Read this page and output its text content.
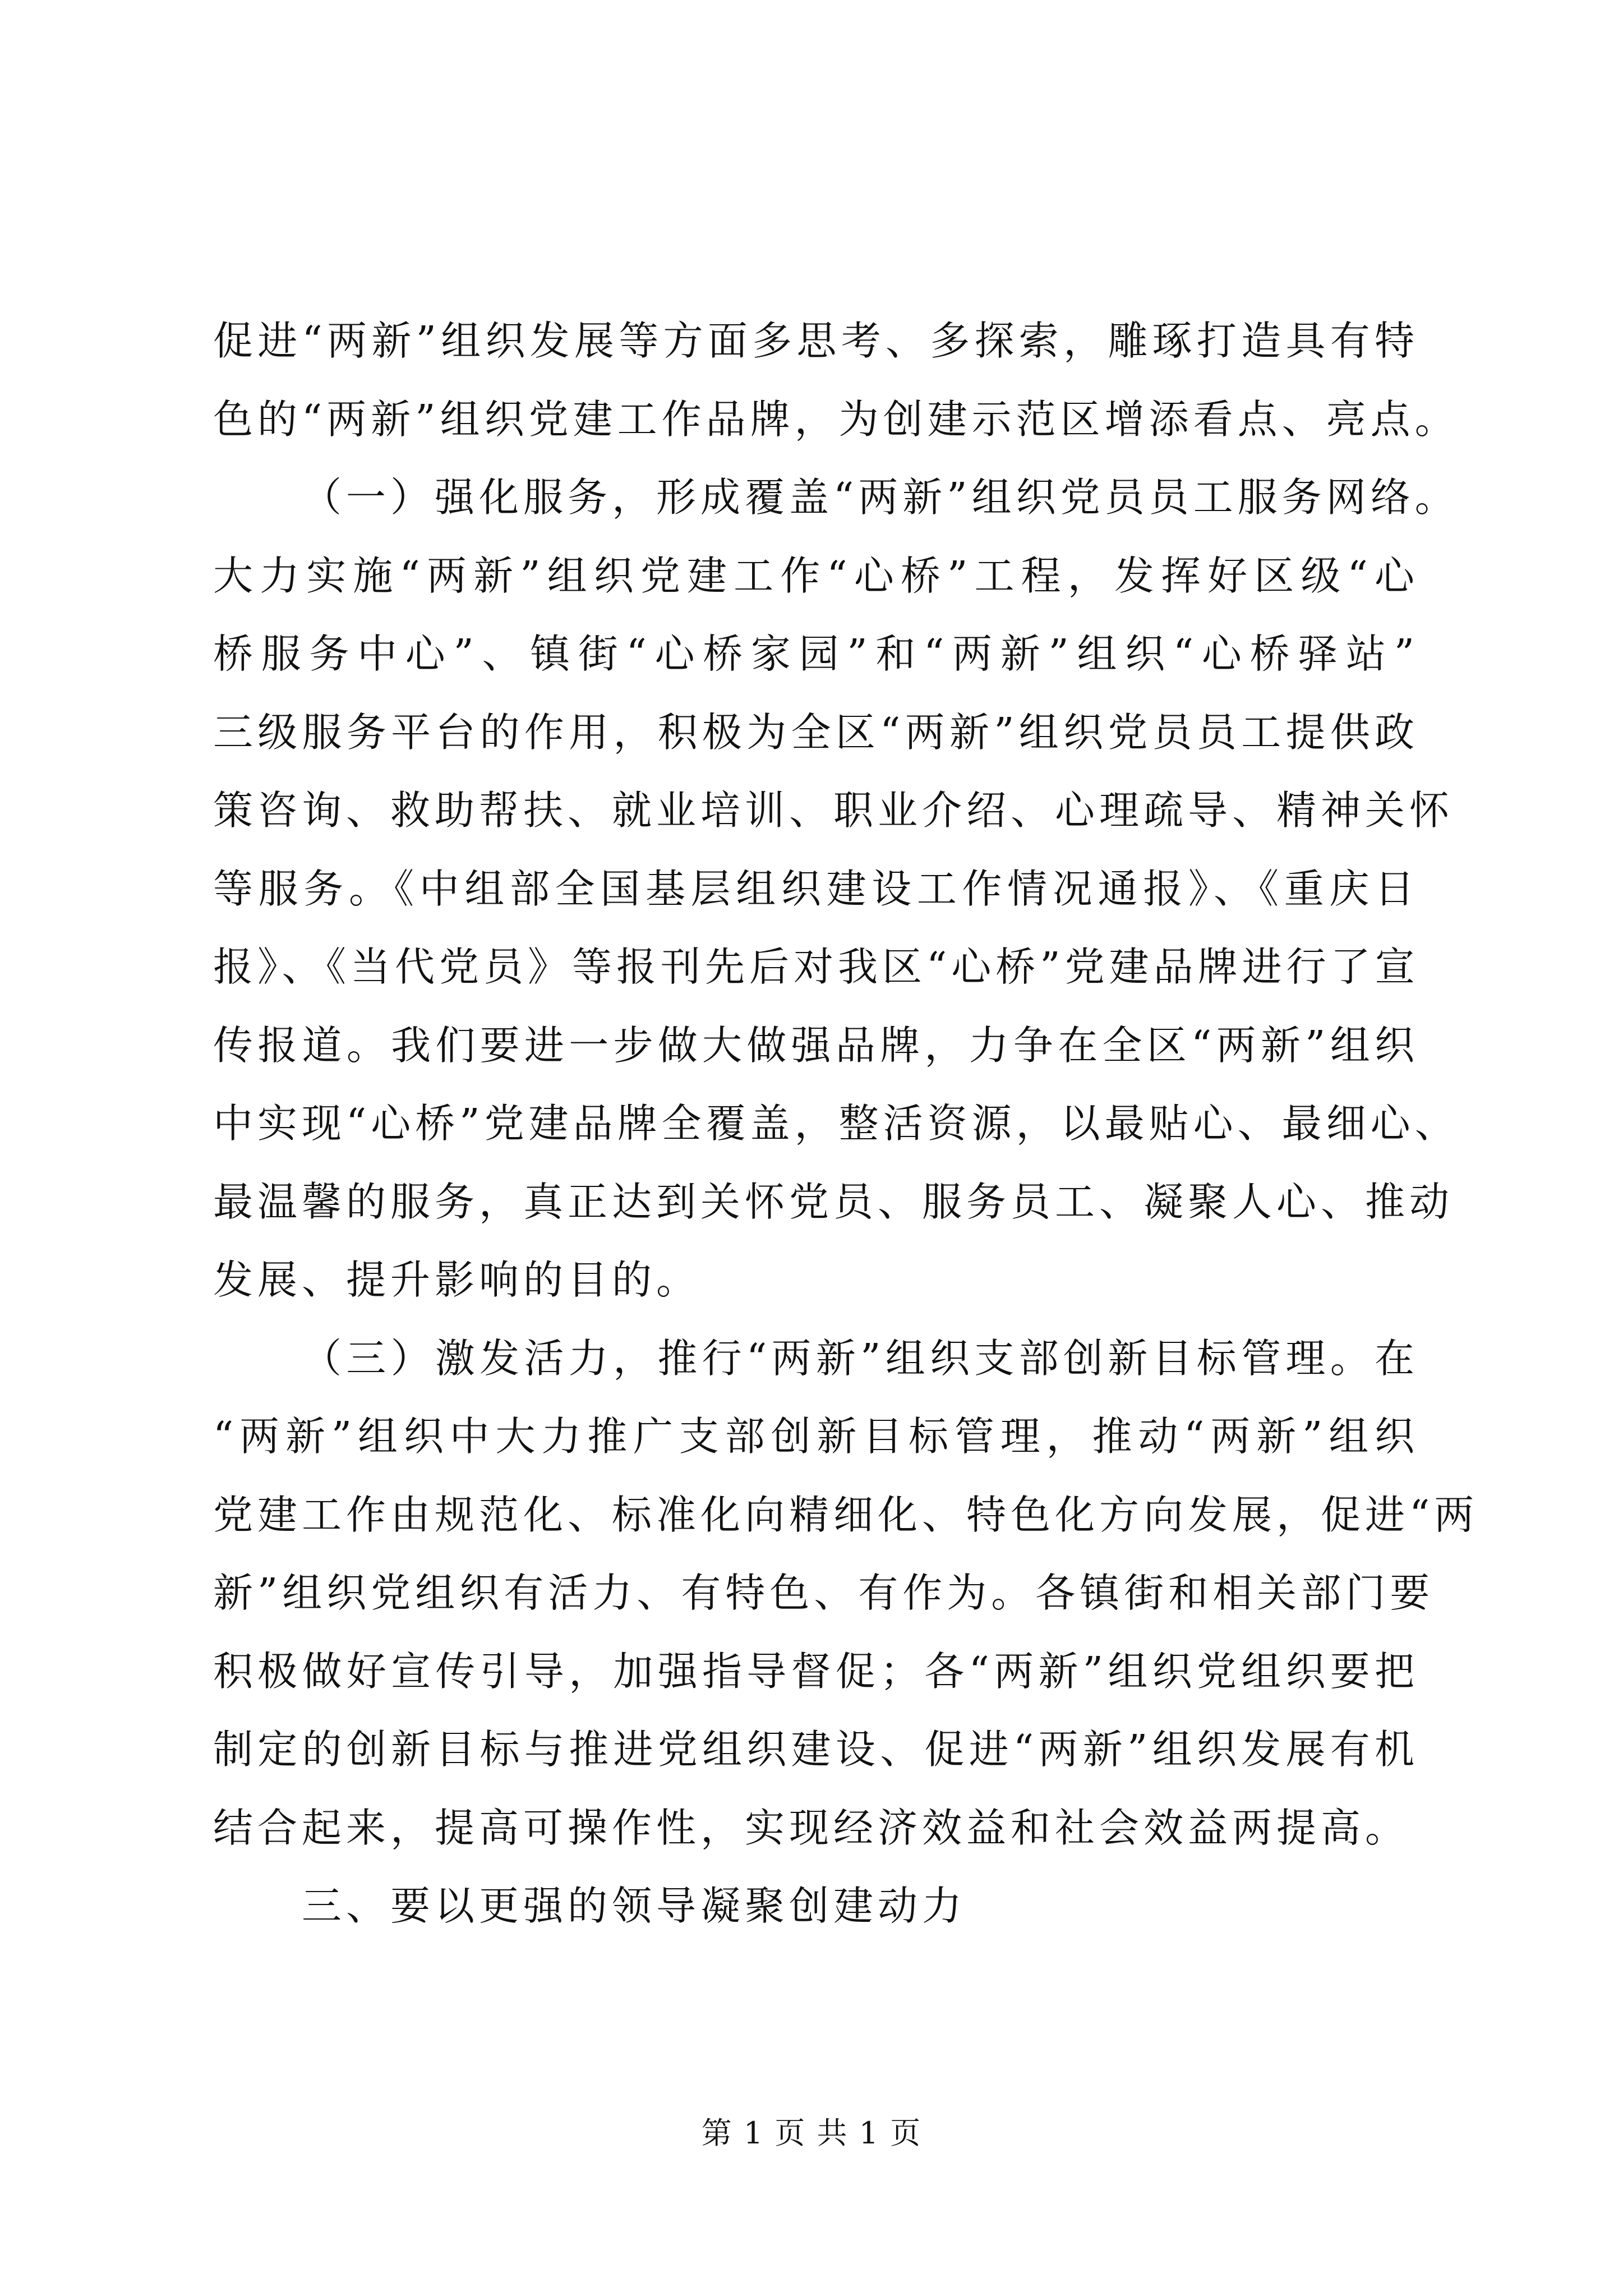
促进“两新”组织发展等方面多思考、多探索，雕琢打造具有特

色的“两新”组织党建工作品牌，为创建示范区增添看点、亮点。

（一）强化服务，形成覆盖“两新”组织党员员工服务网络。

大力实施“两新”组织党建工作“心桥”工程，发挥好区级“心

桥服务中心”、镇街“心桥家园”和“两新”组织“心桥驿站”

三级服务平台的作用，积极为全区“两新”组织党员员工提供政

策咨询、救助帮扶、就业培训、职业介绍、心理疏导、精神关怀

等服务。《中组部全国基层组织建设工作情况通报》、《重庆日

报》、《当代党员》等报刊先后对我区“心桥”党建品牌进行了宣

传报道。我们要进一步做大做强品牌，力争在全区“两新”组织

中实现“心桥”党建品牌全覆盖，整活资源，以最贴心、最细心、

最温馨的服务，真正达到关怀党员、服务员工、凝聚人心、推动

发展、提升影响的目的。

（三）激发活力，推行“两新”组织支部创新目标管理。在

“两新”组织中大力推广支部创新目标管理，推动“两新”组织

党建工作由规范化、标准化向精细化、特色化方向发展，促进“两

新”组织党组织有活力、有特色、有作为。各镇街和相关部门要

积极做好宣传引导，加强指导督促；各“两新”组织党组织要把

制定的创新目标与推进党组织建设、促进“两新”组织发展有机

结合起来，提高可操作性，实现经济效益和社会效益两提高。

三、要以更强的领导凝聚创建动力

第 1 页 共 1 页
